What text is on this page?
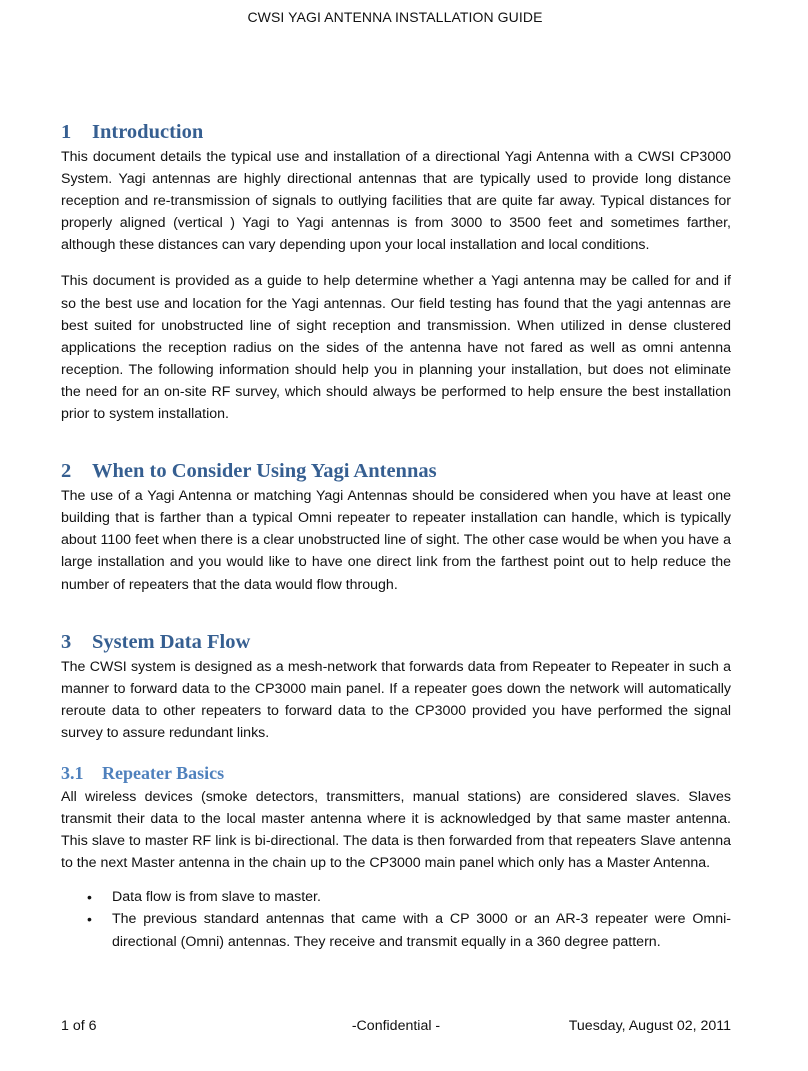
CWSI YAGI ANTENNA INSTALLATION GUIDE
1 Introduction

This document details the typical use and installation of a directional Yagi Antenna with a CWSI CP3000 System. Yagi antennas are highly directional antennas that are typically used to provide long distance reception and re-transmission of signals to outlying facilities that are quite far away. Typical distances for properly aligned (vertical ) Yagi to Yagi antennas is from 3000 to 3500 feet and sometimes farther, although these distances can vary depending upon your local installation and local conditions.

This document is provided as a guide to help determine whether a Yagi antenna may be called for and if so the best use and location for the Yagi antennas. Our field testing has found that the yagi antennas are best suited for unobstructed line of sight reception and transmission. When utilized in dense clustered applications the reception radius on the sides of the antenna have not fared as well as omni antenna reception. The following information should help you in planning your installation, but does not eliminate the need for an on-site RF survey, which should always be performed to help ensure the best installation prior to system installation.

2 When to Consider Using Yagi Antennas

The use of a Yagi Antenna or matching Yagi Antennas should be considered when you have at least one building that is farther than a typical Omni repeater to repeater installation can handle, which is typically about 1100 feet when there is a clear unobstructed line of sight. The other case would be when you have a large installation and you would like to have one direct link from the farthest point out to help reduce the number of repeaters that the data would flow through.

3 System Data Flow

The CWSI system is designed as a mesh-network that forwards data from Repeater to Repeater in such a manner to forward data to the CP3000 main panel. If a repeater goes down the network will automatically reroute data to other repeaters to forward data to the CP3000 provided you have performed the signal survey to assure redundant links.

3.1 Repeater Basics

All wireless devices (smoke detectors, transmitters, manual stations) are considered slaves. Slaves transmit their data to the local master antenna where it is acknowledged by that same master antenna. This slave to master RF link is bi-directional. The data is then forwarded from that repeaters Slave antenna to the next Master antenna in the chain up to the CP3000 main panel which only has a Master Antenna.

• Data flow is from slave to master.
• The previous standard antennas that came with a CP 3000 or an AR-3 repeater were Omni-directional (Omni) antennas. They receive and transmit equally in a 360 degree pattern.
1 of 6	-Confidential -	Tuesday, August 02, 2011
